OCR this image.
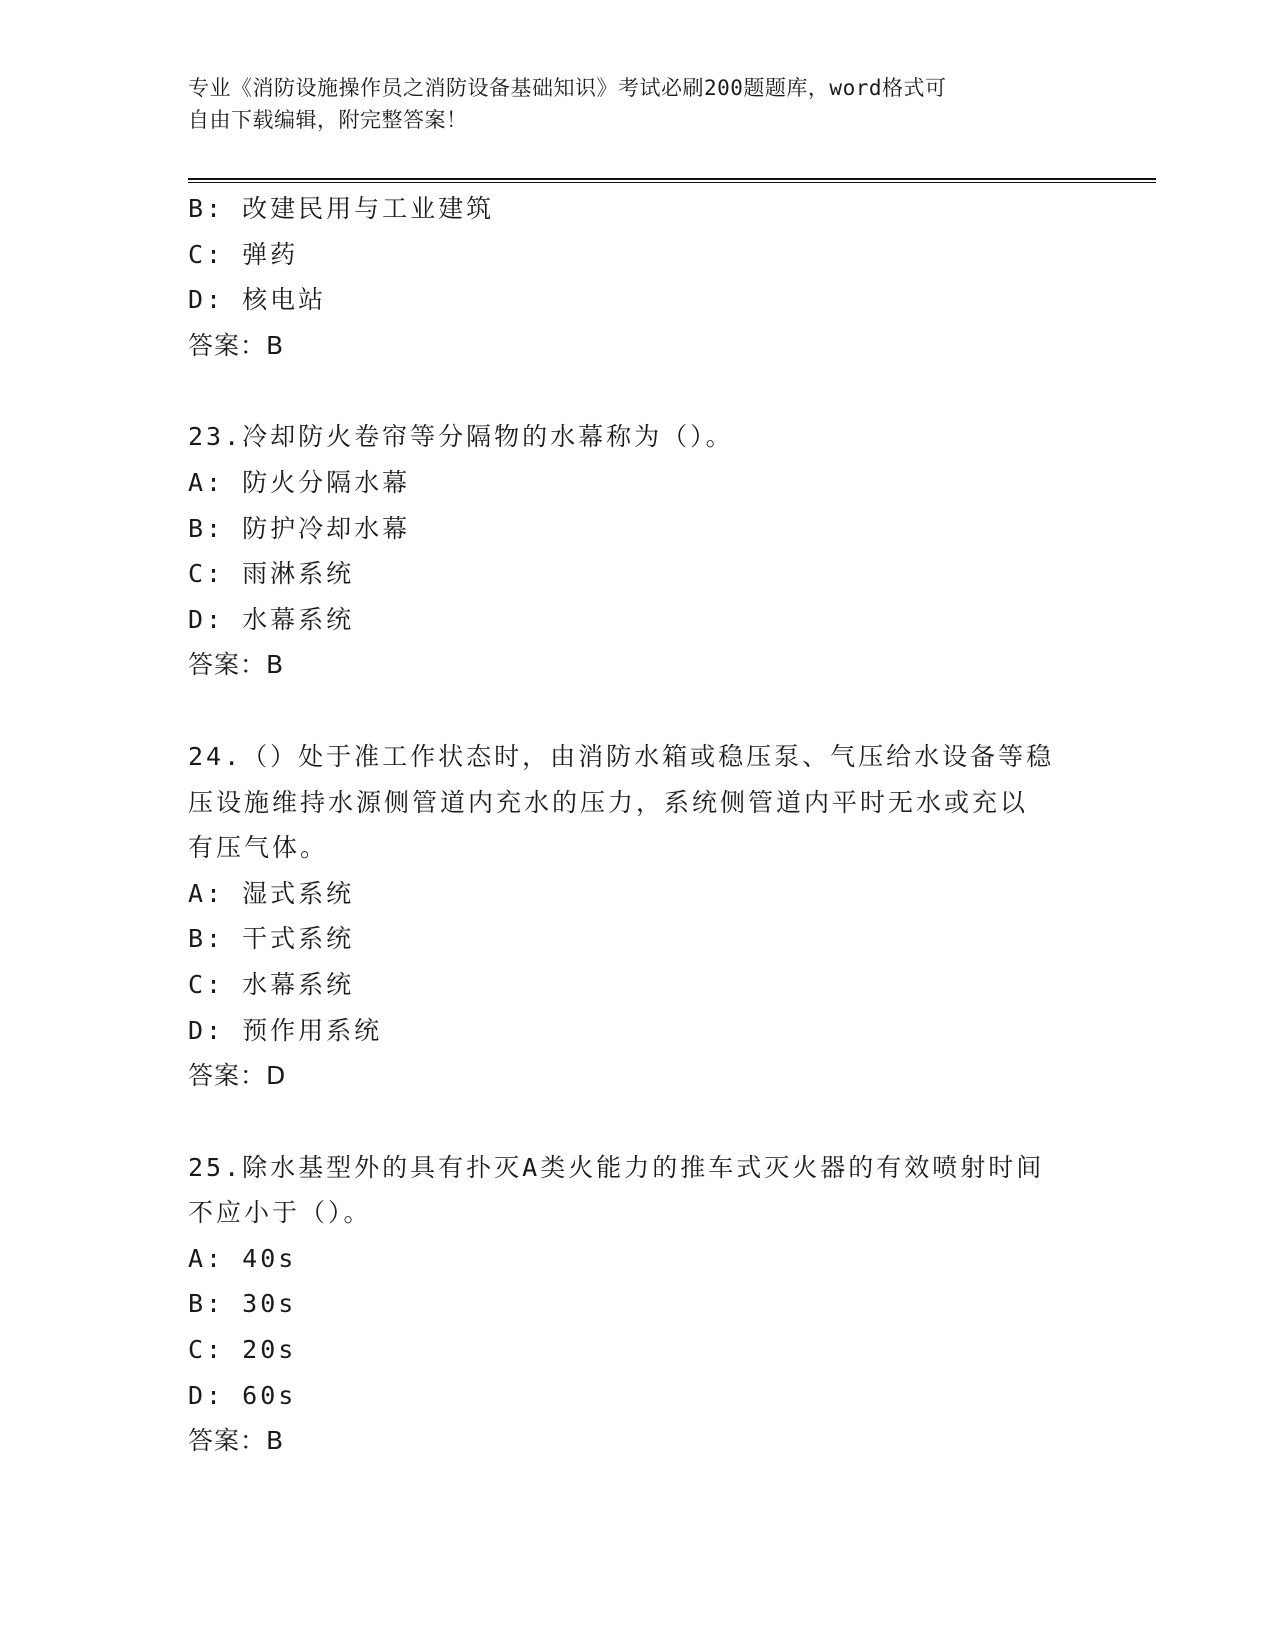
专业《消防设施操作员之消防设备基础知识》考试必刷200题题库，word格式可
自由下载编辑，附完整答案！
B: 改建民用与工业建筑
C: 弹药
D: 核电站
答案：B
23.冷却防火卷帘等分隔物的水幕称为（）。
A: 防火分隔水幕
B: 防护冷却水幕
C: 雨淋系统
D: 水幕系统
答案：B
24.（）处于准工作状态时，由消防水箱或稳压泵、气压给水设备等稳
压设施维持水源侧管道内充水的压力，系统侧管道内平时无水或充以
有压气体。
A: 湿式系统
B: 干式系统
C: 水幕系统
D: 预作用系统
答案：D
25.除水基型外的具有扑灭A类火能力的推车式灭火器的有效喷射时间
不应小于（）。
A: 40s
B: 30s
C: 20s
D: 60s
答案：B
